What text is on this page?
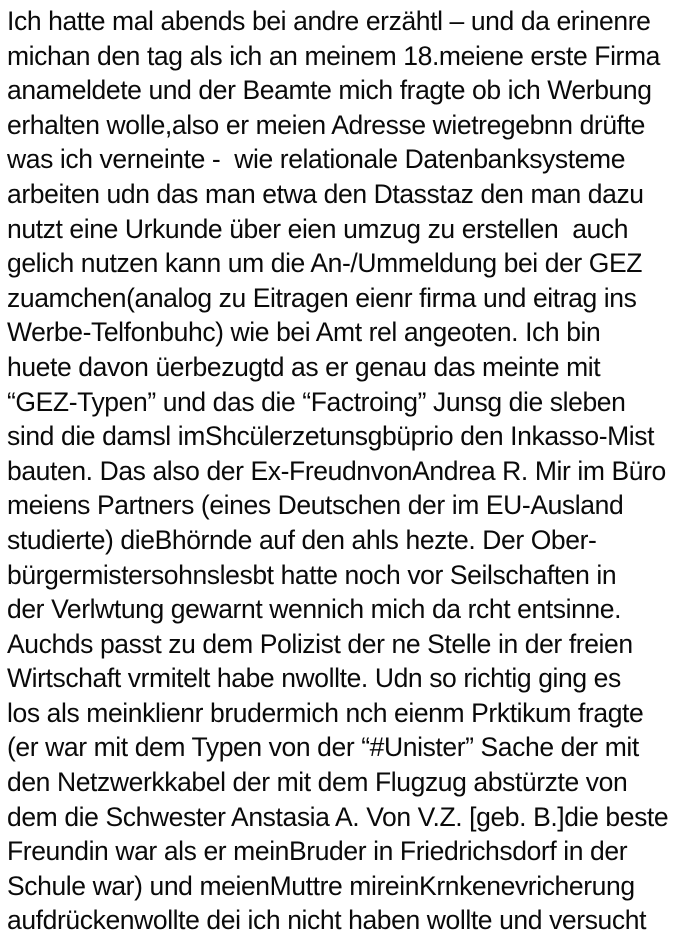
Ich hatte mal abends bei andre erzähtl – und da erinenre
michan den tag als ich an meinem 18.meiene erste Firma
anameldete und der Beamte mich fragte ob ich Werbung
erhalten wolle,also er meien Adresse wietregebnn drüfte
was ich verneinte -  wie relationale Datenbanksysteme
arbeiten udn das man etwa den Dtasstaz den man dazu
nutzt eine Urkunde über eien umzug zu erstellen  auch
gelich nutzen kann um die An-/Ummeldung bei der GEZ
zuamchen(analog zu Eitragen eienr firma und eitrag ins
Werbe-Telfonbuhc) wie bei Amt rel angeoten. Ich bin
huete davon üerbezugtd as er genau das meinte mit
“GEZ-Typen” und das die “Factroing” Junsg die sleben
sind die damsl imShcülerzetunsgbüprio den Inkasso-Mist
bauten. Das also der Ex-FreudnvonAndrea R. Mir im Büro
meiens Partners (eines Deutschen der im EU-Ausland
studierte) dieBhörnde auf den ahls hezte. Der Ober-
bürgermistersohnslesbt hatte noch vor Seilschaften in
der Verlwtung gewarnt wennich mich da rcht entsinne.
Auchds passt zu dem Polizist der ne Stelle in der freien
Wirtschaft vrmitelt habe nwollte. Udn so richtig ging es
los als meinklienr brudermich nch eienm Prktikum fragte
(er war mit dem Typen von der “#Unister” Sache der mit
den Netzwerkkabel der mit dem Flugzug abstürzte von
dem die Schwester Anstasia A. Von V.Z. [geb. B.]die beste
Freundin war als er meinBruder in Friedrichsdorf in der
Schule war) und meienMuttre mireinKrnkenevricherung
aufdrückenwollte dei ich nicht haben wollte und versucht
